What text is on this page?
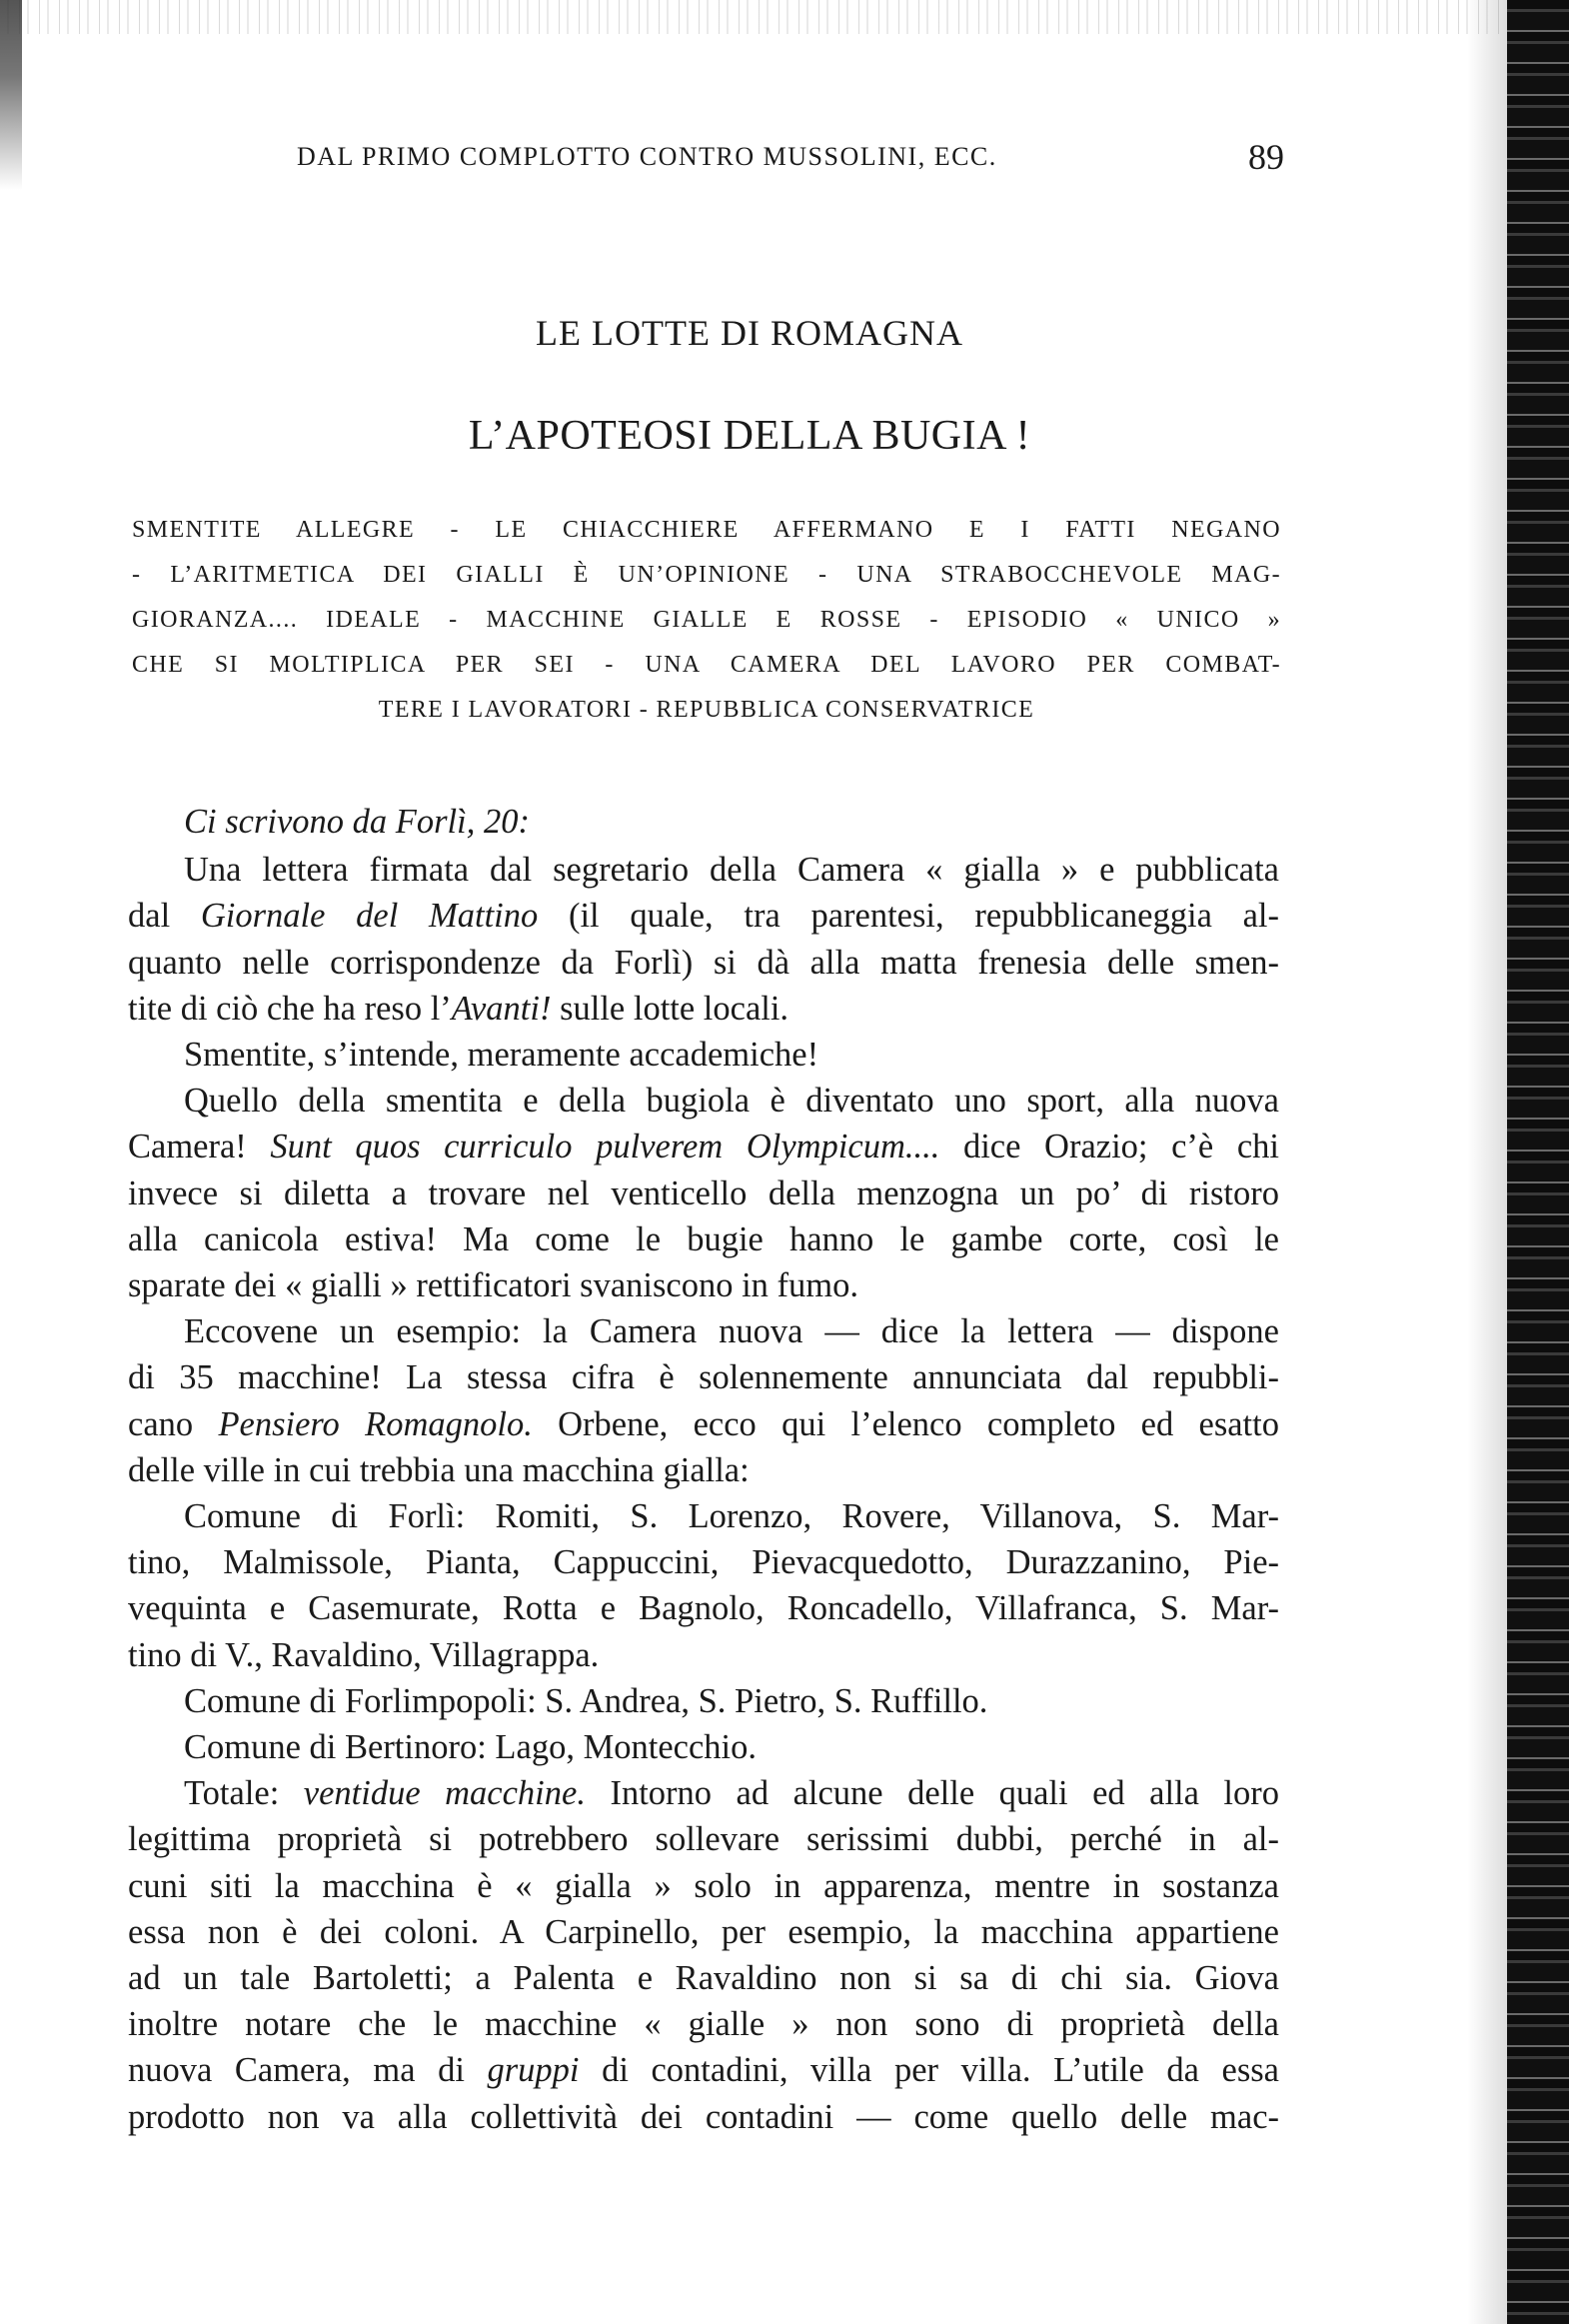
DAL PRIMO COMPLOTTO CONTRO MUSSOLINI, ECC.	89
LE LOTTE DI ROMAGNA
L’APOTEOSI DELLA BUGIA !
SMENTITE ALLEGRE - LE CHIACCHIERE AFFERMANO E I FATTI NEGANO
- L’ARITMETICA DEI GIALLI È UN’OPINIONE - UNA STRABOCCHEVOLE MAG-
GIORANZA.... IDEALE - MACCHINE GIALLE E ROSSE - EPISODIO « UNICO »
CHE SI MOLTIPLICA PER SEI - UNA CAMERA DEL LAVORO PER COMBAT-
TERE I LAVORATORI - REPUBBLICA CONSERVATRICE
Ci scrivono da Forlì, 20:
Una lettera firmata dal segretario della Camera « gialla » e pubblicata
dal Giornale del Mattino (il quale, tra parentesi, repubblicaneggia al-
quanto nelle corrispondenze da Forlì) si dà alla matta frenesia delle smen-
tite di ciò che ha reso l’Avanti! sulle lotte locali.
Smentite, s’intende, meramente accademiche!
Quello della smentita e della bugiola è diventato uno sport, alla nuova
Camera! Sunt quos curriculo pulverem Olympicum.... dice Orazio; c’è chi
invece si diletta a trovare nel venticello della menzogna un po’ di ristoro
alla canicola estiva! Ma come le bugie hanno le gambe corte, così le
sparate dei « gialli » rettificatori svaniscono in fumo.
Eccovene un esempio: la Camera nuova — dice la lettera — dispone
di 35 macchine! La stessa cifra è solennemente annunciata dal repubbli-
cano Pensiero Romagnolo. Orbene, ecco qui l’elenco completo ed esatto
delle ville in cui trebbia una macchina gialla:
Comune di Forlì: Romiti, S. Lorenzo, Rovere, Villanova, S. Mar-
tino, Malmissole, Pianta, Cappuccini, Pievacquedotto, Durazzanino, Pie-
vequinta e Casemurate, Rotta e Bagnolo, Roncadello, Villafranca, S. Mar-
tino di V., Ravaldino, Villagrappa.
Comune di Forlimpopoli: S. Andrea, S. Pietro, S. Ruffillo.
Comune di Bertinoro: Lago, Montecchio.
Totale: ventidue macchine. Intorno ad alcune delle quali ed alla loro
legittima proprietà si potrebbero sollevare serissimi dubbi, perché in al-
cuni siti la macchina è « gialla » solo in apparenza, mentre in sostanza
essa non è dei coloni. A Carpinello, per esempio, la macchina appartiene
ad un tale Bartoletti; a Palenta e Ravaldino non si sa di chi sia. Giova
inoltre notare che le macchine « gialle » non sono di proprietà della
nuova Camera, ma di gruppi di contadini, villa per villa. L’utile da essa
prodotto non va alla collettività dei contadini — come quello delle mac-
